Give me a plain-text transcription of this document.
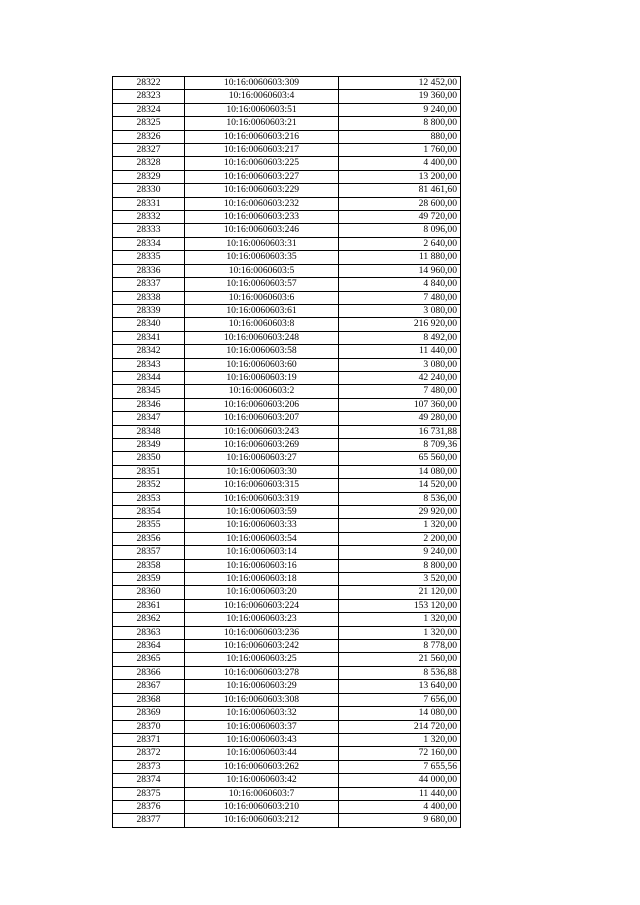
28322	10:16:0060603:309	12 452,00
28323	10:16:0060603:4	19 360,00
28324	10:16:0060603:51	9 240,00
28325	10:16:0060603:21	8 800,00
28326	10:16:0060603:216	880,00
28327	10:16:0060603:217	1 760,00
28328	10:16:0060603:225	4 400,00
28329	10:16:0060603:227	13 200,00
28330	10:16:0060603:229	81 461,60
28331	10:16:0060603:232	28 600,00
28332	10:16:0060603:233	49 720,00
28333	10:16:0060603:246	8 096,00
28334	10:16:0060603:31	2 640,00
28335	10:16:0060603:35	11 880,00
28336	10:16:0060603:5	14 960,00
28337	10:16:0060603:57	4 840,00
28338	10:16:0060603:6	7 480,00
28339	10:16:0060603:61	3 080,00
28340	10:16:0060603:8	216 920,00
28341	10:16:0060603:248	8 492,00
28342	10:16:0060603:58	11 440,00
28343	10:16:0060603:60	3 080,00
28344	10:16:0060603:19	42 240,00
28345	10:16:0060603:2	7 480,00
28346	10:16:0060603:206	107 360,00
28347	10:16:0060603:207	49 280,00
28348	10:16:0060603:243	16 731,88
28349	10:16:0060603:269	8 709,36
28350	10:16:0060603:27	65 560,00
28351	10:16:0060603:30	14 080,00
28352	10:16:0060603:315	14 520,00
28353	10:16:0060603:319	8 536,00
28354	10:16:0060603:59	29 920,00
28355	10:16:0060603:33	1 320,00
28356	10:16:0060603:54	2 200,00
28357	10:16:0060603:14	9 240,00
28358	10:16:0060603:16	8 800,00
28359	10:16:0060603:18	3 520,00
28360	10:16:0060603:20	21 120,00
28361	10:16:0060603:224	153 120,00
28362	10:16:0060603:23	1 320,00
28363	10:16:0060603:236	1 320,00
28364	10:16:0060603:242	8 778,00
28365	10:16:0060603:25	21 560,00
28366	10:16:0060603:278	8 536,88
28367	10:16:0060603:29	13 640,00
28368	10:16:0060603:308	7 656,00
28369	10:16:0060603:32	14 080,00
28370	10:16:0060603:37	214 720,00
28371	10:16:0060603:43	1 320,00
28372	10:16:0060603:44	72 160,00
28373	10:16:0060603:262	7 655,56
28374	10:16:0060603:42	44 000,00
28375	10:16:0060603:7	11 440,00
28376	10:16:0060603:210	4 400,00
28377	10:16:0060603:212	9 680,00
